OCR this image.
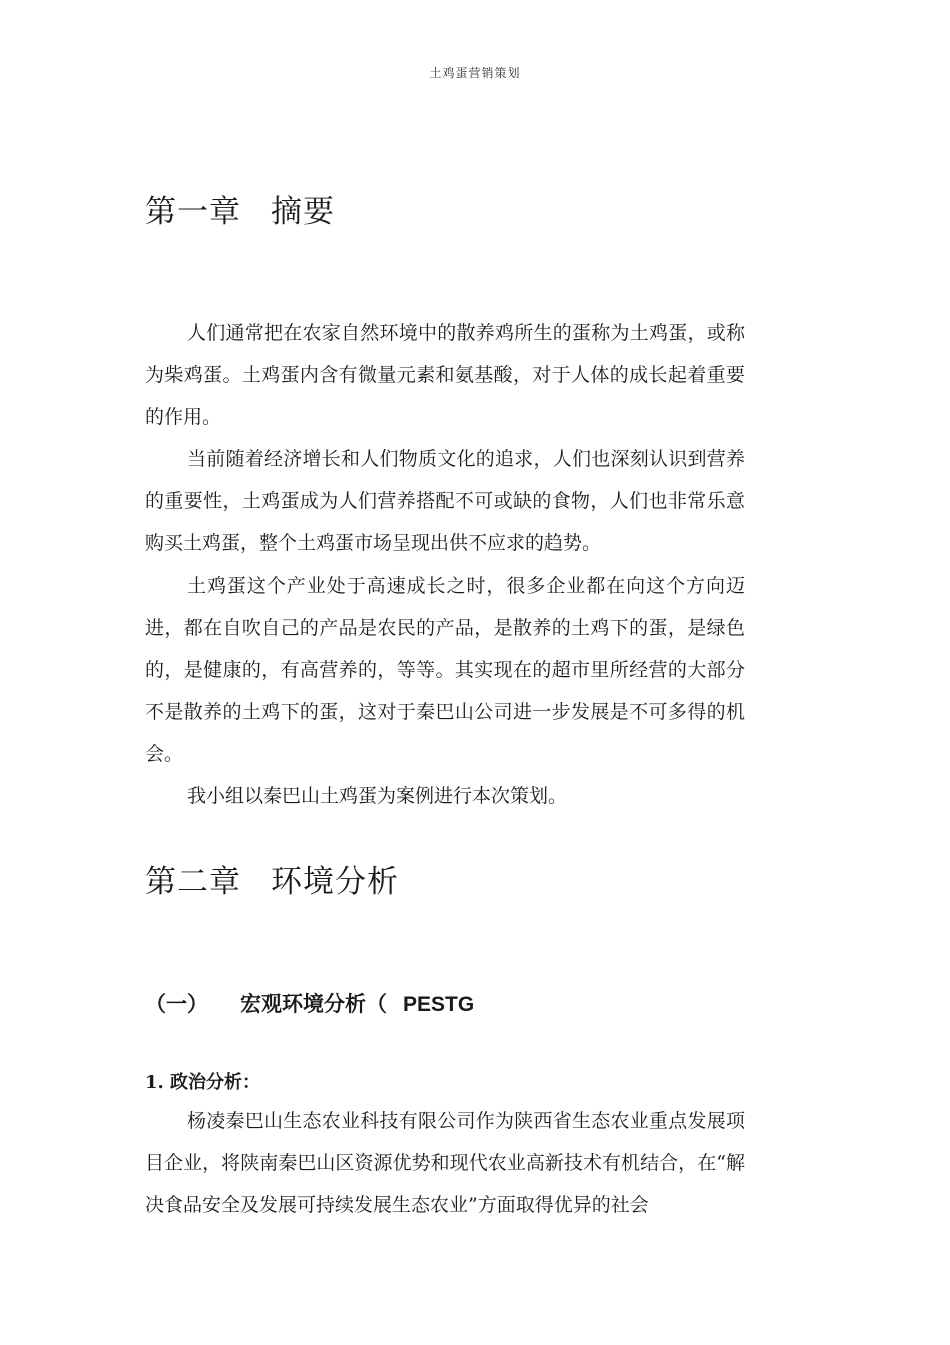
土鸡蛋营销策划
第一章 摘要

人们通常把在农家自然环境中的散养鸡所生的蛋称为土鸡蛋，或称为柴鸡蛋。土鸡蛋内含有微量元素和氨基酸，对于人体的成长起着重要的作用。

当前随着经济增长和人们物质文化的追求，人们也深刻认识到营养的重要性，土鸡蛋成为人们营养搭配不可或缺的食物，人们也非常乐意购买土鸡蛋，整个土鸡蛋市场呈现出供不应求的趋势。

土鸡蛋这个产业处于高速成长之时，很多企业都在向这个方向迈进，都在自吹自己的产品是农民的产品，是散养的土鸡下的蛋，是绿色的，是健康的，有高营养的，等等。其实现在的超市里所经营的大部分不是散养的土鸡下的蛋，这对于秦巴山公司进一步发展是不可多得的机会。

我小组以秦巴山土鸡蛋为案例进行本次策划。

第二章 环境分析
（一） 宏观环境分析（ PESTG
1. 政治分析：

杨凌秦巴山生态农业科技有限公司作为陕西省生态农业重点发展项目企业，将陕南秦巴山区资源优势和现代农业高新技术有机结合，在“解决食品安全及发展可持续发展生态农业”方面取得优异的社会
